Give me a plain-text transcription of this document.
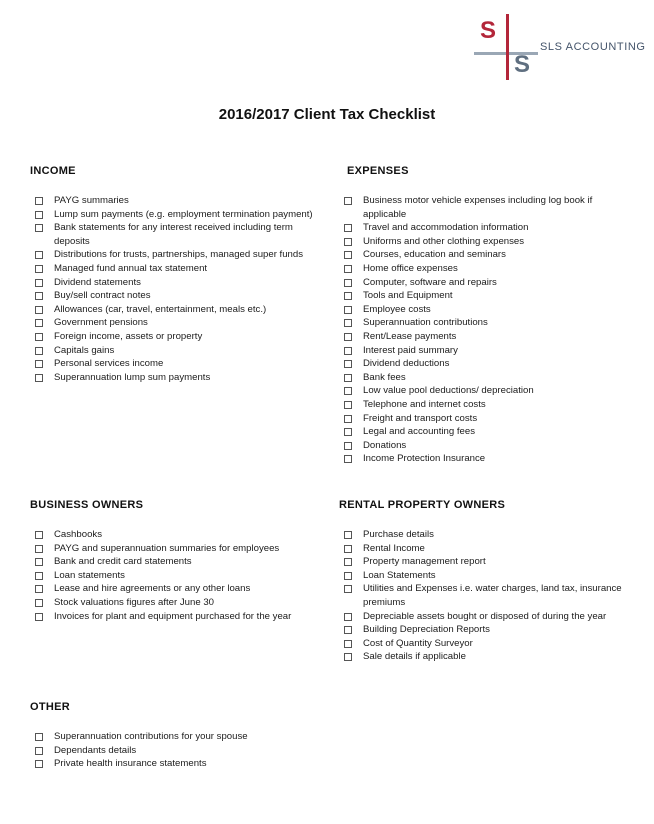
S
S
SLS ACCOUNTING
2016/2017 Client Tax Checklist
INCOME
PAYG summaries
Lump sum payments (e.g. employment termination payment)
Bank statements for any interest received including term deposits
Distributions for trusts, partnerships, managed super funds
Managed fund annual tax statement
Dividend statements
Buy/sell contract notes
Allowances (car, travel, entertainment, meals etc.)
Government pensions
Foreign income, assets or property
Capitals gains
Personal services income
Superannuation lump sum payments
EXPENSES
Business motor vehicle expenses including log book if applicable
Travel and accommodation information
Uniforms and other clothing expenses
Courses, education and seminars
Home office expenses
Computer, software and repairs
Tools and Equipment
Employee costs
Superannuation contributions
Rent/Lease payments
Interest paid summary
Dividend deductions
Bank fees
Low value pool deductions/ depreciation
Telephone and internet costs
Freight and transport costs
Legal and accounting fees
Donations
Income Protection Insurance
BUSINESS OWNERS
Cashbooks
PAYG and superannuation summaries for employees
Bank and credit card statements
Loan statements
Lease and hire agreements or any other loans
Stock valuations figures after June 30
Invoices for plant and equipment purchased for the year
RENTAL PROPERTY OWNERS
Purchase details
Rental Income
Property management report
Loan Statements
Utilities and Expenses i.e. water charges, land tax, insurance premiums
Depreciable assets bought or disposed of during the year
Building Depreciation Reports
Cost of Quantity Surveyor
Sale details if applicable
OTHER
Superannuation contributions for your spouse
Dependants details
Private health insurance statements
